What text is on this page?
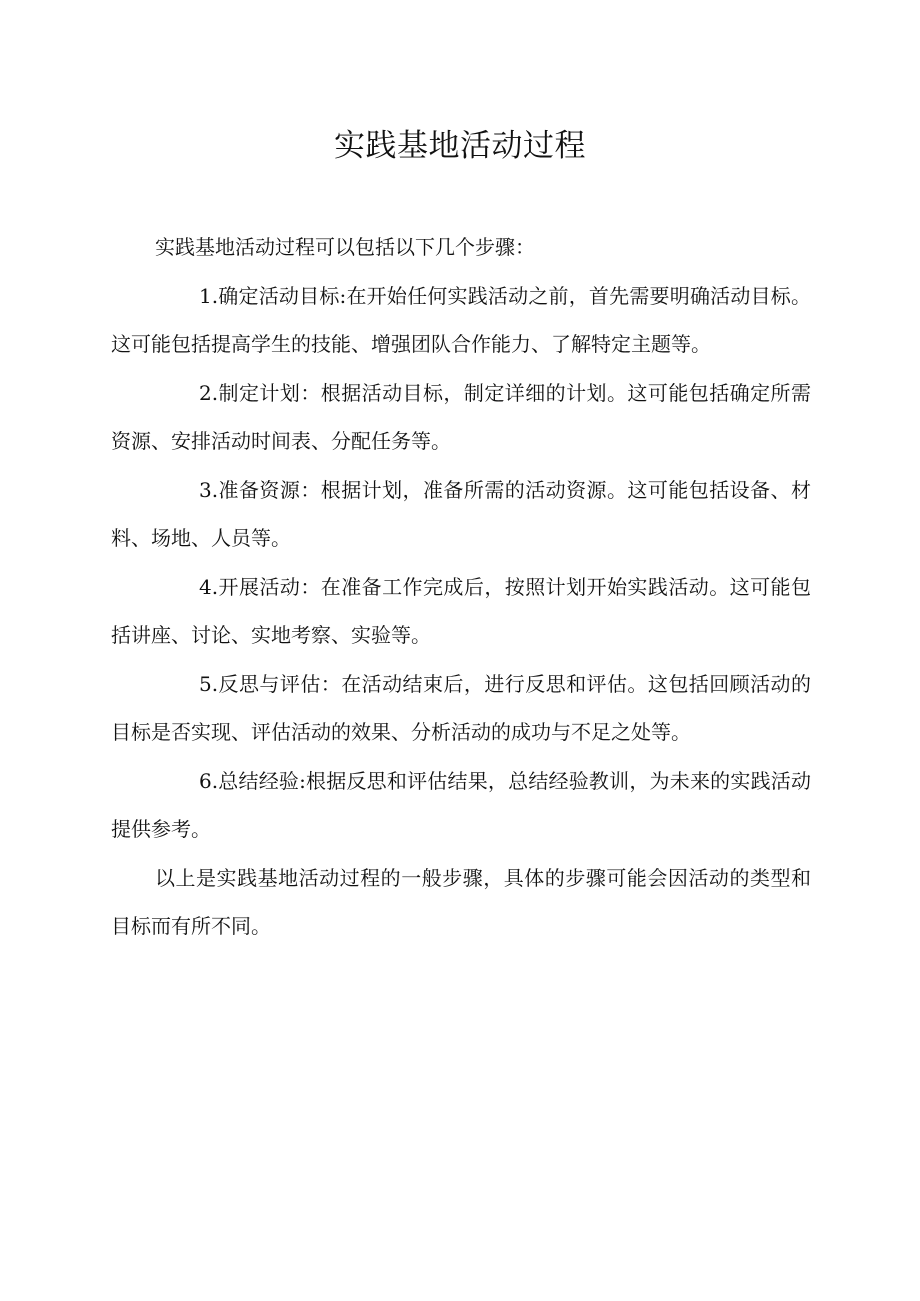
实践基地活动过程

实践基地活动过程可以包括以下几个步骤：

1.确定活动目标:在开始任何实践活动之前，首先需要明确活动目标。这可能包括提高学生的技能、增强团队合作能力、了解特定主题等。

2.制定计划：根据活动目标，制定详细的计划。这可能包括确定所需资源、安排活动时间表、分配任务等。

3.准备资源：根据计划，准备所需的活动资源。这可能包括设备、材料、场地、人员等。

4.开展活动：在准备工作完成后，按照计划开始实践活动。这可能包括讲座、讨论、实地考察、实验等。

5.反思与评估：在活动结束后，进行反思和评估。这包括回顾活动的目标是否实现、评估活动的效果、分析活动的成功与不足之处等。

6.总结经验:根据反思和评估结果，总结经验教训，为未来的实践活动提供参考。

以上是实践基地活动过程的一般步骤，具体的步骤可能会因活动的类型和目标而有所不同。
